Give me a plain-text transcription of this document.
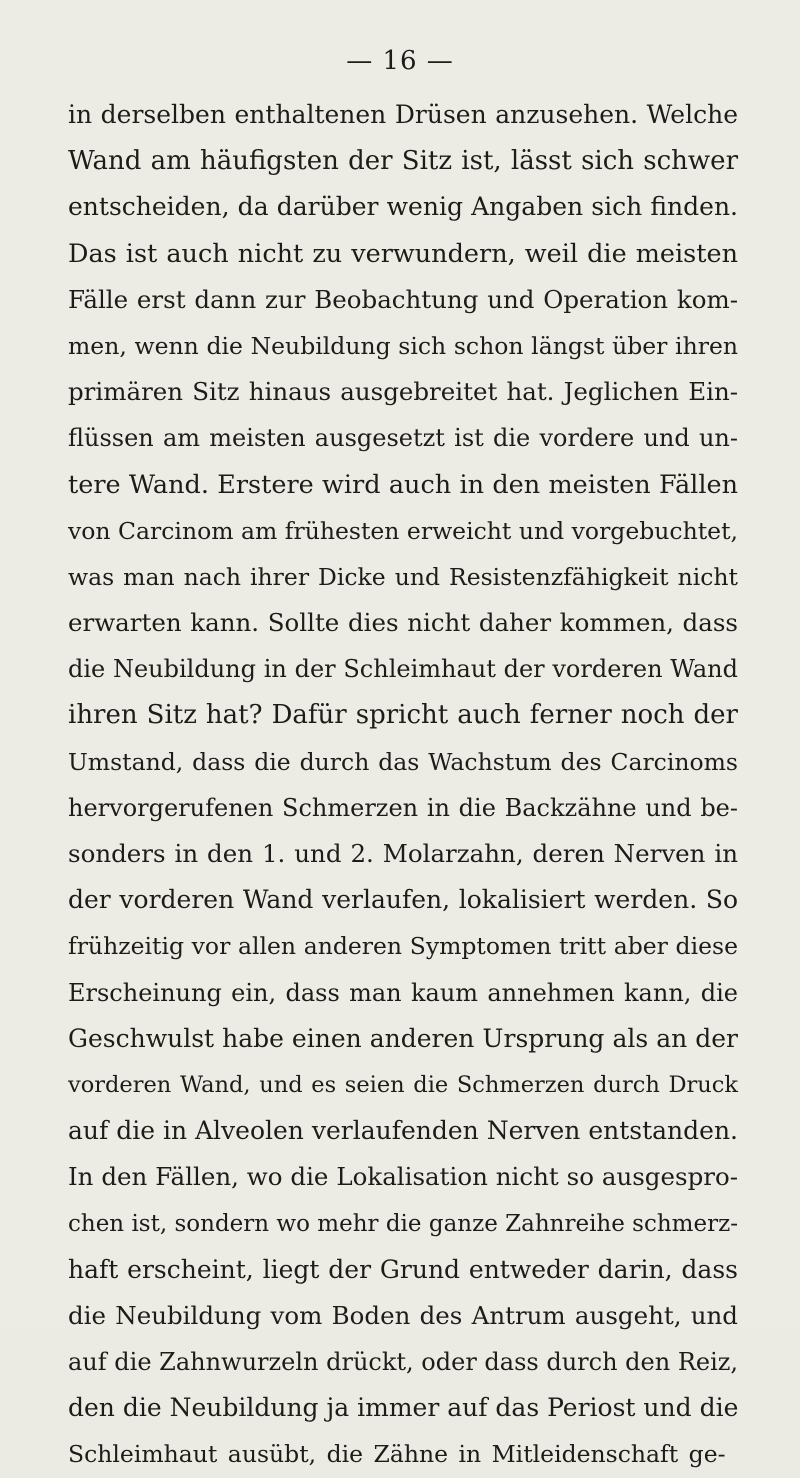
— 16 —
in derselben enthaltenen Drüsen anzusehen. Welche
Wand am häufigsten der Sitz ist, lässt sich schwer
entscheiden, da darüber wenig Angaben sich finden.
Das ist auch nicht zu verwundern, weil die meisten
Fälle erst dann zur Beobachtung und Operation kom-
men, wenn die Neubildung sich schon längst über ihren
primären Sitz hinaus ausgebreitet hat. Jeglichen Ein-
flüssen am meisten ausgesetzt ist die vordere und un-
tere Wand. Erstere wird auch in den meisten Fällen
von Carcinom am frühesten erweicht und vorgebuchtet,
was man nach ihrer Dicke und Resistenzfähigkeit nicht
erwarten kann. Sollte dies nicht daher kommen, dass
die Neubildung in der Schleimhaut der vorderen Wand
ihren Sitz hat? Dafür spricht auch ferner noch der
Umstand, dass die durch das Wachstum des Carcinoms
hervorgerufenen Schmerzen in die Backzähne und be-
sonders in den 1. und 2. Molarzahn, deren Nerven in
der vorderen Wand verlaufen, lokalisiert werden. So
frühzeitig vor allen anderen Symptomen tritt aber diese
Erscheinung ein, dass man kaum annehmen kann, die
Geschwulst habe einen anderen Ursprung als an der
vorderen Wand, und es seien die Schmerzen durch Druck
auf die in Alveolen verlaufenden Nerven entstanden.
In den Fällen, wo die Lokalisation nicht so ausgespro-
chen ist, sondern wo mehr die ganze Zahnreihe schmerz-
haft erscheint, liegt der Grund entweder darin, dass
die Neubildung vom Boden des Antrum ausgeht, und
auf die Zahnwurzeln drückt, oder dass durch den Reiz,
den die Neubildung ja immer auf das Periost und die
Schleimhaut ausübt, die Zähne in Mitleidenschaft ge-
